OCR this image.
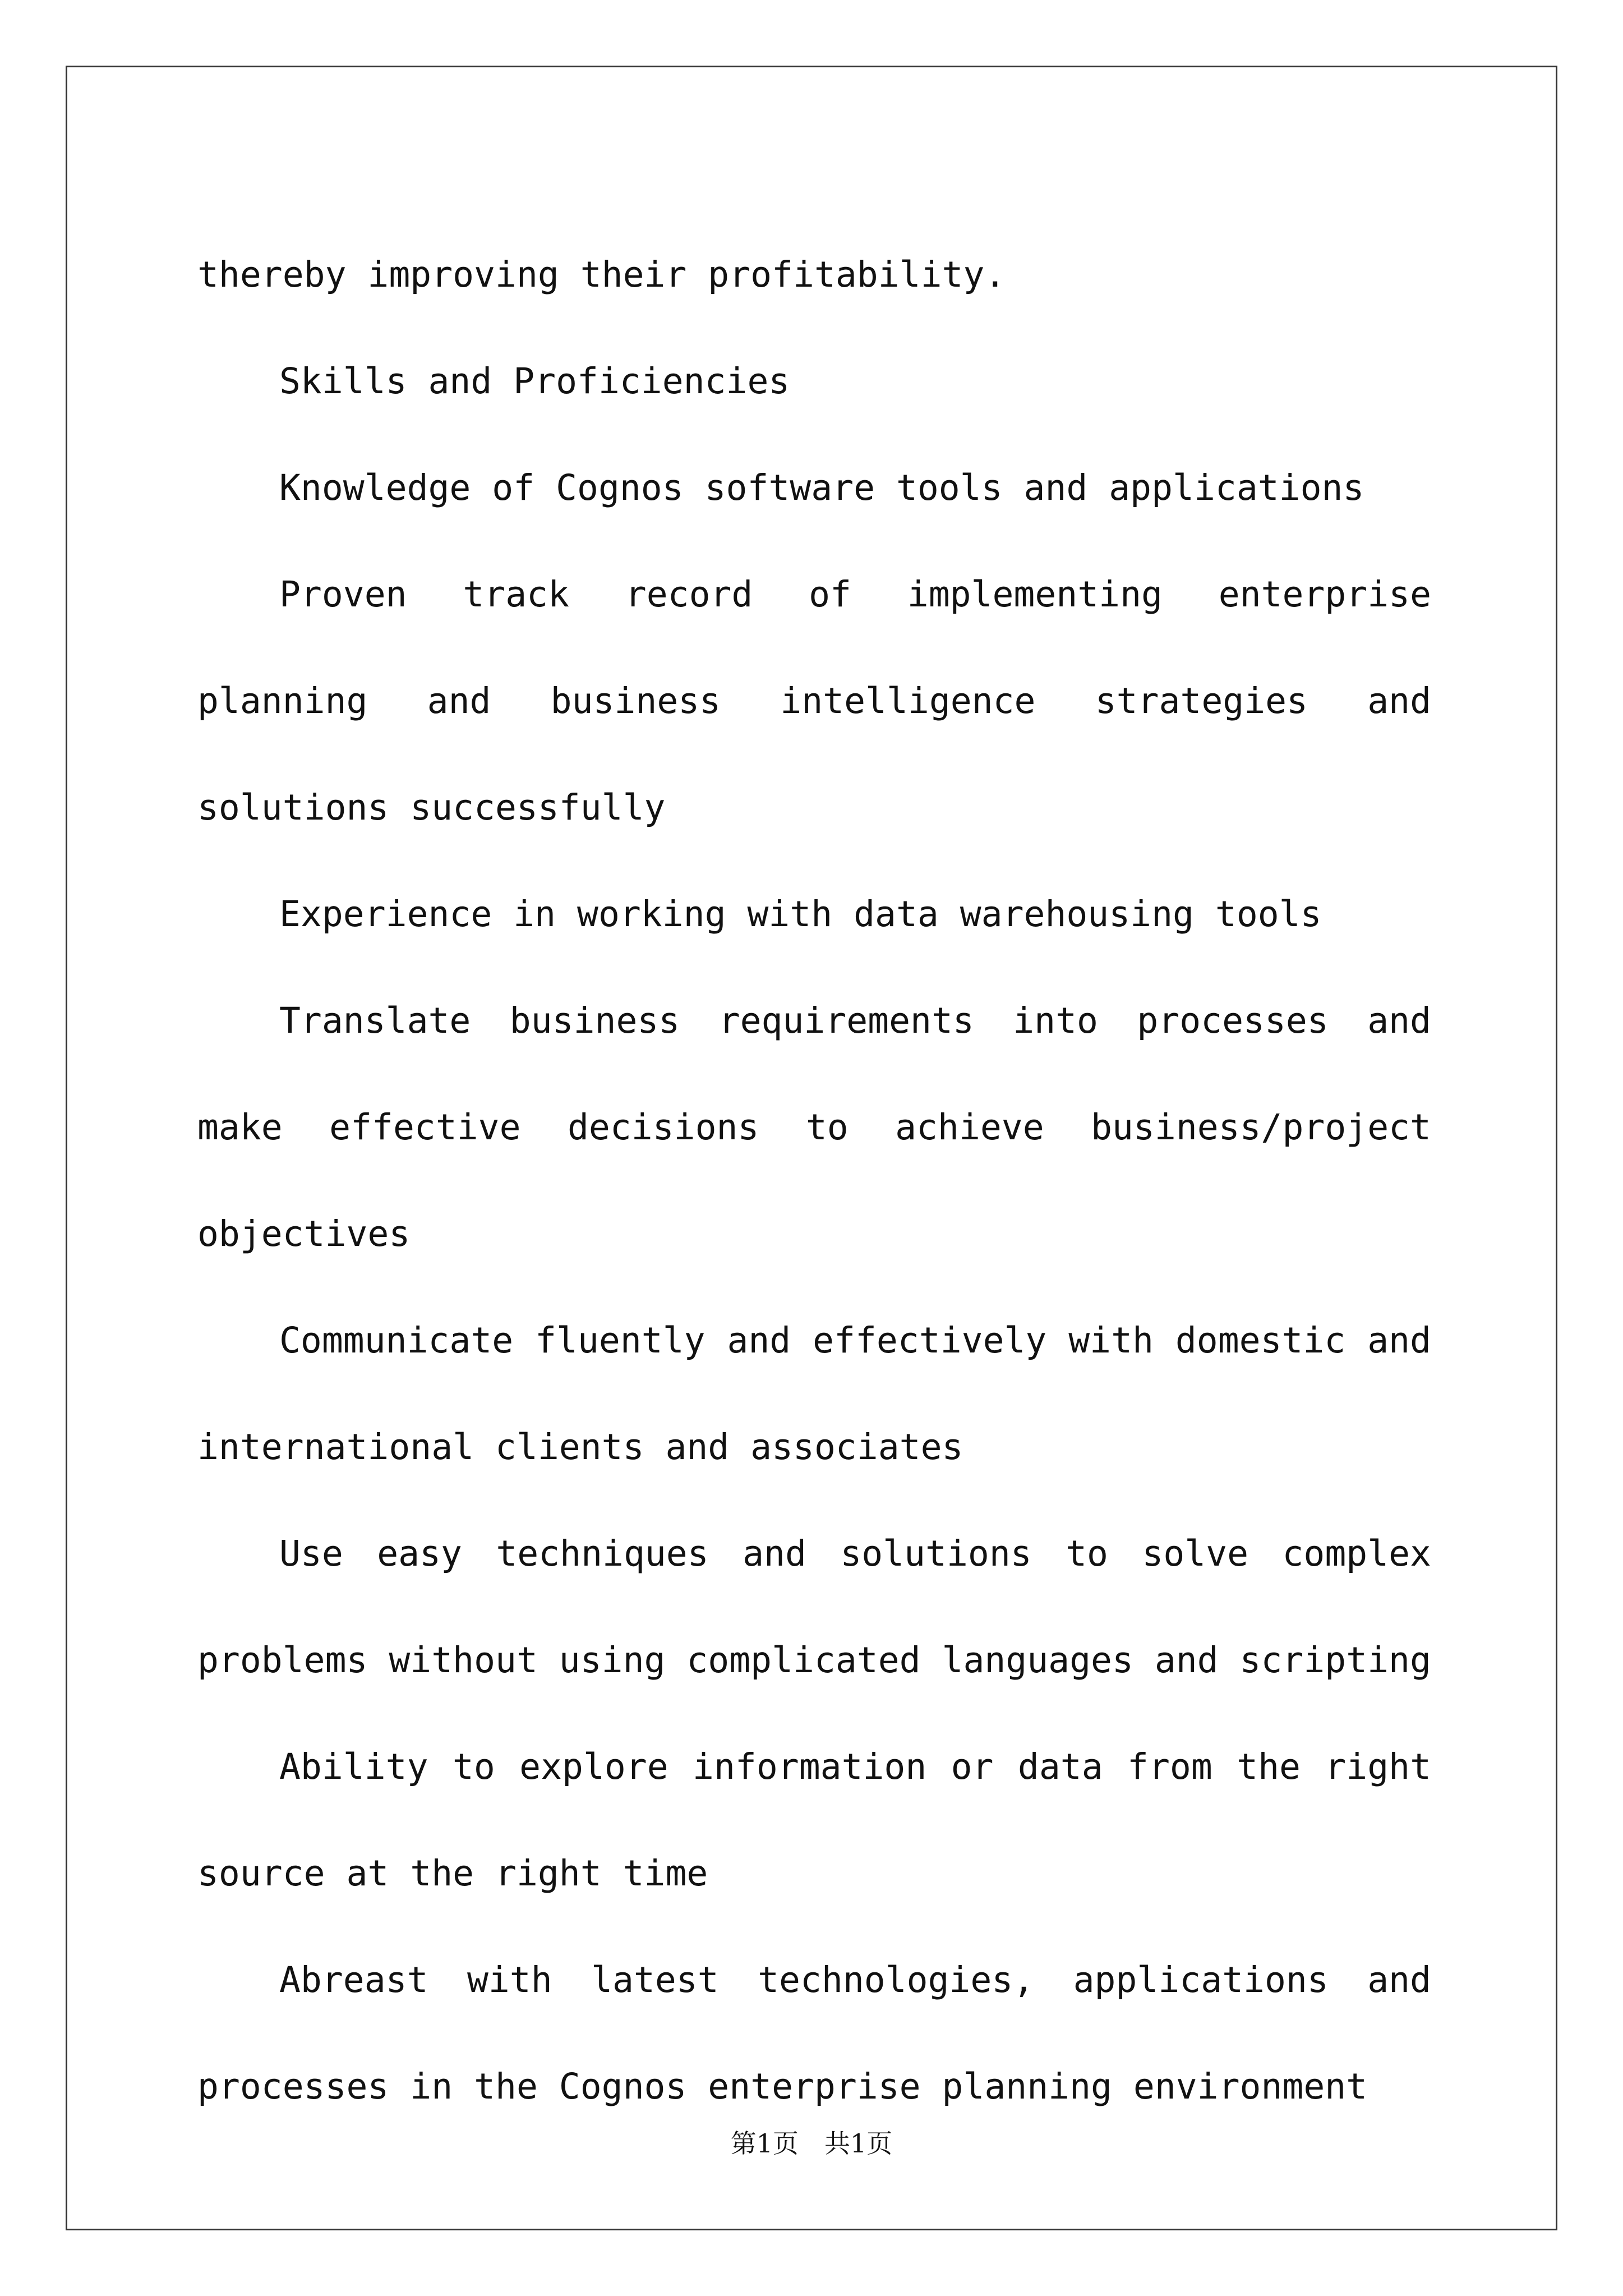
thereby improving their profitability.

Skills and Proficiencies

Knowledge of Cognos software tools and applications

Proven track record of implementing enterprise planning and business intelligence strategies and solutions successfully

Experience in working with data warehousing tools

Translate business requirements into processes and make effective decisions to achieve business/project objectives

Communicate fluently and effectively with domestic and international clients and associates

Use easy techniques and solutions to solve complex problems without using complicated languages and scripting

Ability to explore information or data from the right source at the right time

Abreast with latest technologies, applications and processes in the Cognos enterprise planning environment

第1页　共1页
